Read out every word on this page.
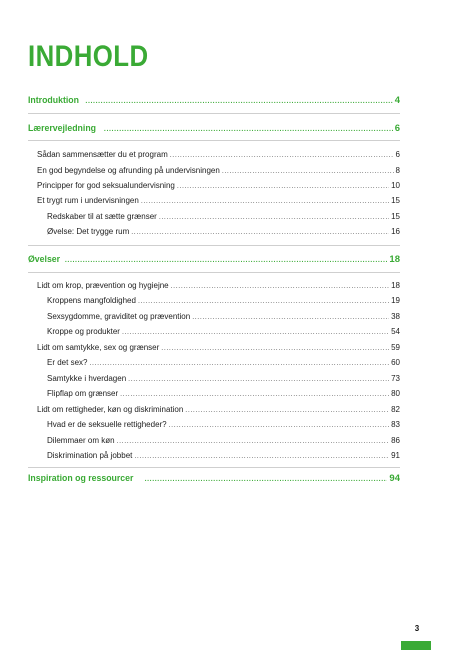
INDHOLD
Introduktion .....	4
Lærervejledning .....	6
Sådan sammensætter du et program .....	6
En god begyndelse og afrunding på undervisningen .....	8
Principper for god seksualundervisning .....	10
Et trygt rum i undervisningen .....	15
Redskaber til at sætte grænser .....	15
Øvelse: Det trygge rum .....	16
Øvelser .....	18
Lidt om krop, prævention og hygiejne .....	18
Kroppens mangfoldighed .....	19
Sexsygdomme, graviditet og prævention .....	38
Kroppe og produkter .....	54
Lidt om samtykke, sex og grænser .....	59
Er det sex? .....	60
Samtykke i hverdagen .....	73
Flipflap om grænser .....	80
Lidt om rettigheder, køn og diskrimination .....	82
Hvad er de seksuelle rettigheder? .....	83
Dilemmaer om køn .....	86
Diskrimination på jobbet .....	91
Inspiration og ressourcer .....	94
3
